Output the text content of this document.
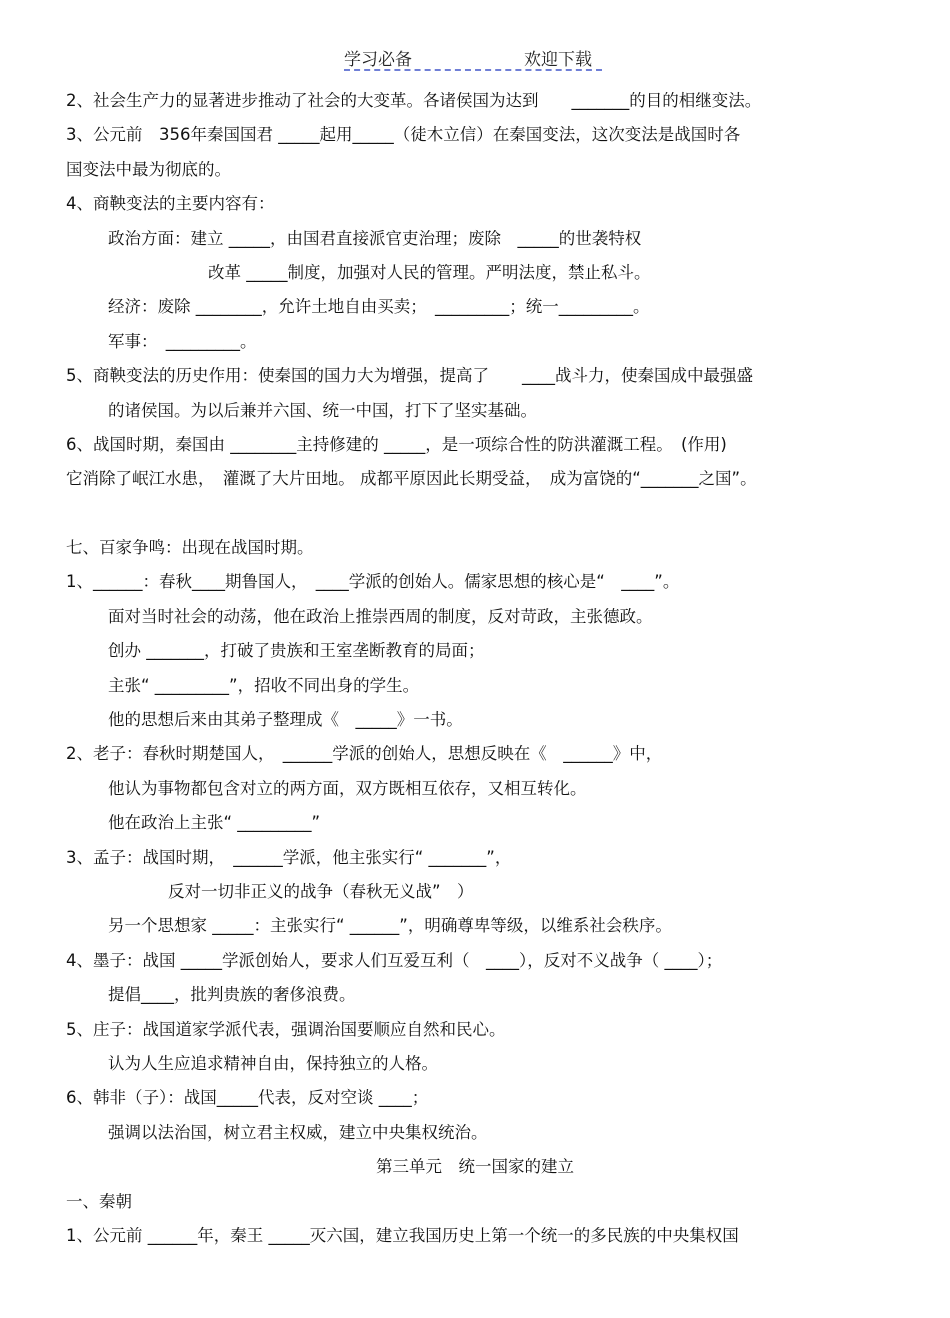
学习必备	欢迎下载
2、社会生产力的显著进步推动了社会的大变革。各诸侯国为达到　　_______的目的相继变法。
3、公元前　356年秦国国君 _____起用_____（徒木立信）在秦国变法，这次变法是战国时各
国变法中最为彻底的。
4、商鞅变法的主要内容有：
政治方面：建立 _____，由国君直接派官吏治理；废除　_____的世袭特权
改革 _____制度，加强对人民的管理。严明法度，禁止私斗。
经济：废除 ________，允许土地自由买卖；　_________；统一_________。
军事：　_________。
5、商鞅变法的历史作用：使秦国的国力大为增强，提高了　　____战斗力，使秦国成中最强盛
的诸侯国。为以后兼并六国、统一中国，打下了坚实基础。
6、战国时期，秦国由 ________主持修建的 _____，是一项综合性的防洪灌溉工程。　(作用)
它消除了岷江水患，　灌溉了大片田地。 成都平原因此长期受益，　成为富饶的“_______之国”。
七、百家争鸣：出现在战国时期。
1、______：春秋____期鲁国人，　____学派的创始人。儒家思想的核心是“　____”。
面对当时社会的动荡，他在政治上推崇西周的制度，反对苛政，主张德政。
创办 _______，打破了贵族和王室垄断教育的局面；
主张“ _________”，招收不同出身的学生。
他的思想后来由其弟子整理成《　_____》一书。
2、老子：春秋时期楚国人，　______学派的创始人，思想反映在《　______》中，
他认为事物都包含对立的两方面，双方既相互依存，又相互转化。
他在政治上主张“ _________”
3、孟子：战国时期，　______学派，他主张实行“ _______”，
反对一切非正义的战争（春秋无义战”　）
另一个思想家 _____：主张实行“ ______”，明确尊卑等级，以维系社会秩序。
4、墨子：战国 _____学派创始人，要求人们互爱互利（　____），反对不义战争（ ____）；
提倡____，批判贵族的奢侈浪费。
5、庄子：战国道家学派代表，强调治国要顺应自然和民心。
认为人生应追求精神自由，保持独立的人格。
6、韩非（子）：战国_____代表，反对空谈 ____；
强调以法治国，树立君主权威，建立中央集权统治。
第三单元　统一国家的建立
一、秦朝
1、公元前 ______年，秦王 _____灭六国，建立我国历史上第一个统一的多民族的中央集权国
